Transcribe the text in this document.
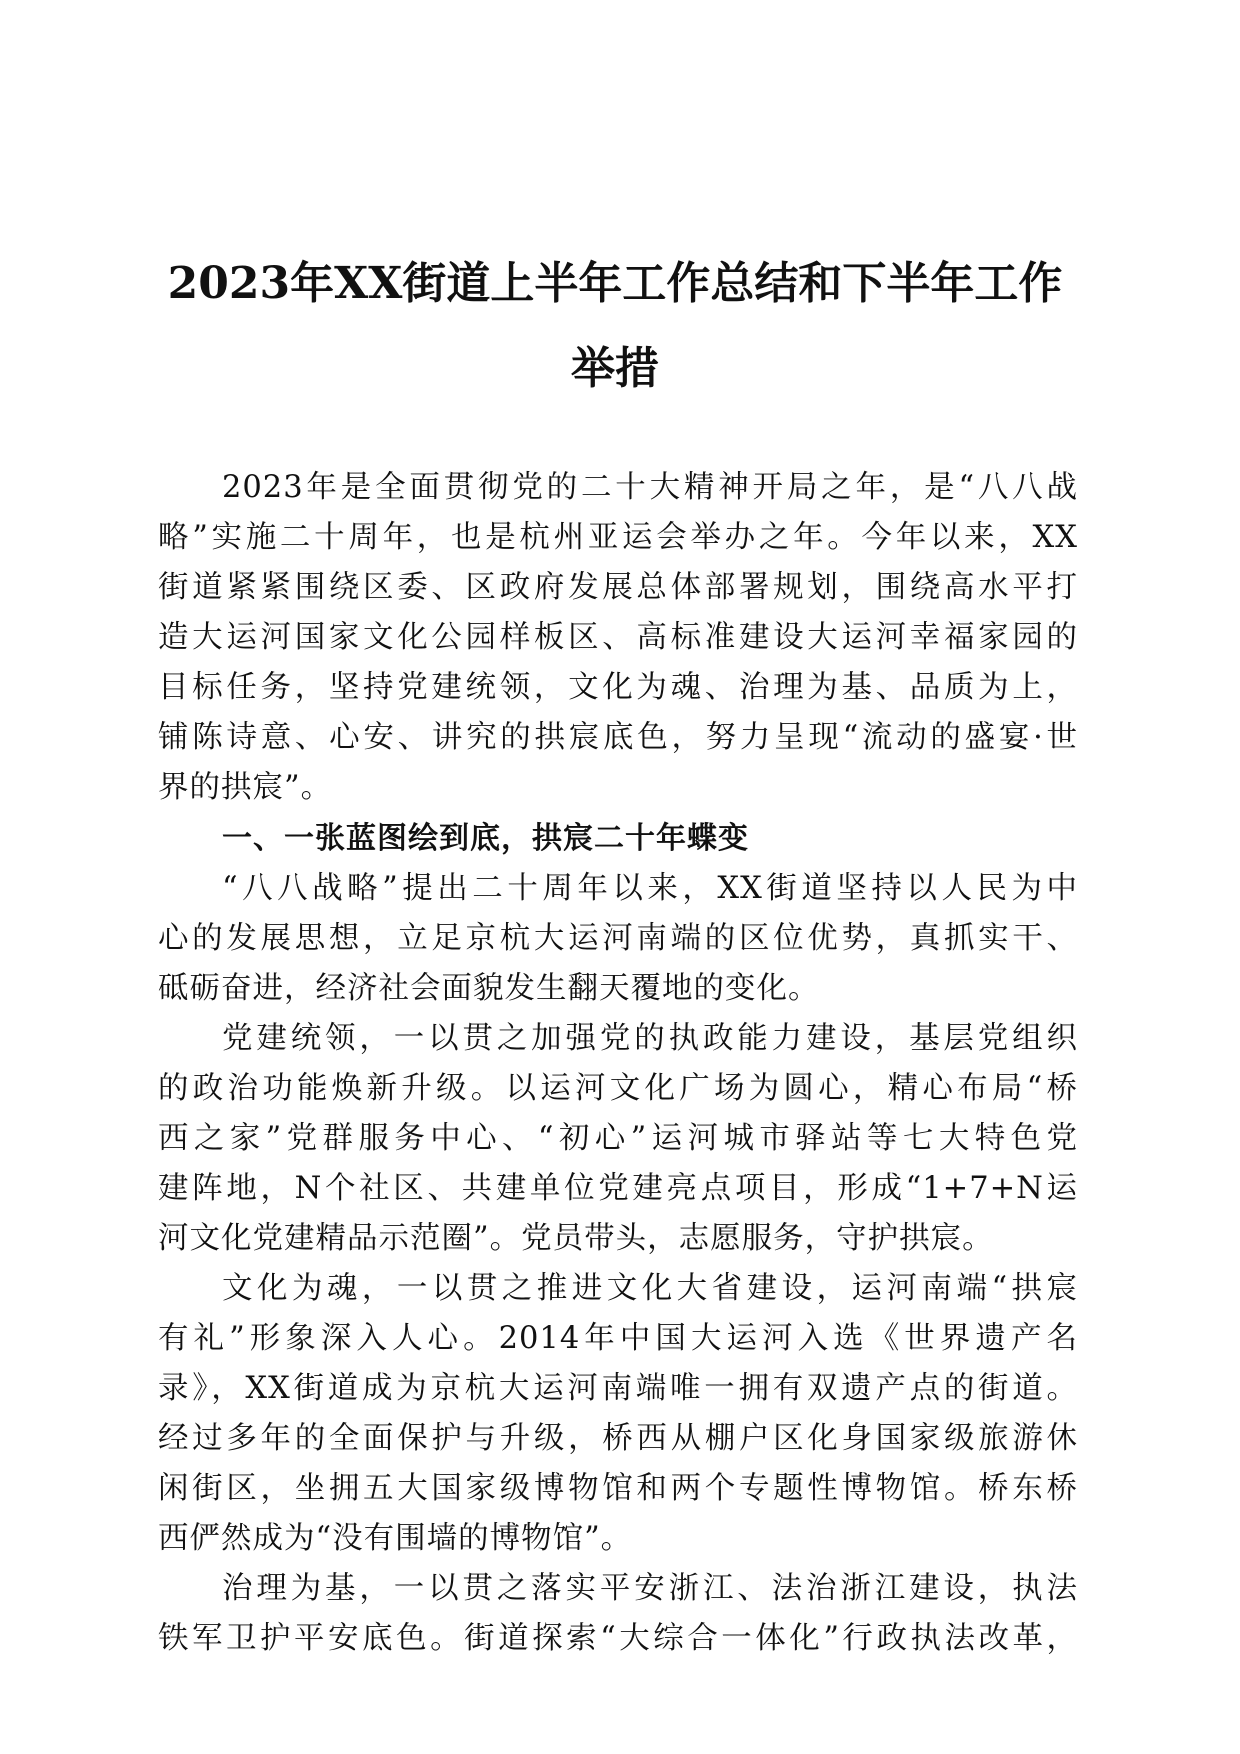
2023年XX街道上半年工作总结和下半年工作
举措
2023年是全面贯彻党的二十大精神开局之年，是“八八战
略”实施二十周年，也是杭州亚运会举办之年。今年以来，XX
街道紧紧围绕区委、区政府发展总体部署规划，围绕高水平打
造大运河国家文化公园样板区、高标准建设大运河幸福家园的
目标任务，坚持党建统领，文化为魂、治理为基、品质为上，
铺陈诗意、心安、讲究的拱宸底色，努力呈现“流动的盛宴·世
界的拱宸”。
一、一张蓝图绘到底，拱宸二十年蝶变
“八八战略”提出二十周年以来，XX街道坚持以人民为中
心的发展思想，立足京杭大运河南端的区位优势，真抓实干、
砥砺奋进，经济社会面貌发生翻天覆地的变化。
党建统领，一以贯之加强党的执政能力建设，基层党组织
的政治功能焕新升级。以运河文化广场为圆心，精心布局“桥
西之家”党群服务中心、“初心”运河城市驿站等七大特色党
建阵地，N个社区、共建单位党建亮点项目，形成“1+7+N运
河文化党建精品示范圈”。党员带头，志愿服务，守护拱宸。
文化为魂，一以贯之推进文化大省建设，运河南端“拱宸
有礼”形象深入人心。2014年中国大运河入选《世界遗产名
录》，XX街道成为京杭大运河南端唯一拥有双遗产点的街道。
经过多年的全面保护与升级，桥西从棚户区化身国家级旅游休
闲街区，坐拥五大国家级博物馆和两个专题性博物馆。桥东桥
西俨然成为“没有围墙的博物馆”。
治理为基，一以贯之落实平安浙江、法治浙江建设，执法
铁军卫护平安底色。街道探索“大综合一体化”行政执法改革，
